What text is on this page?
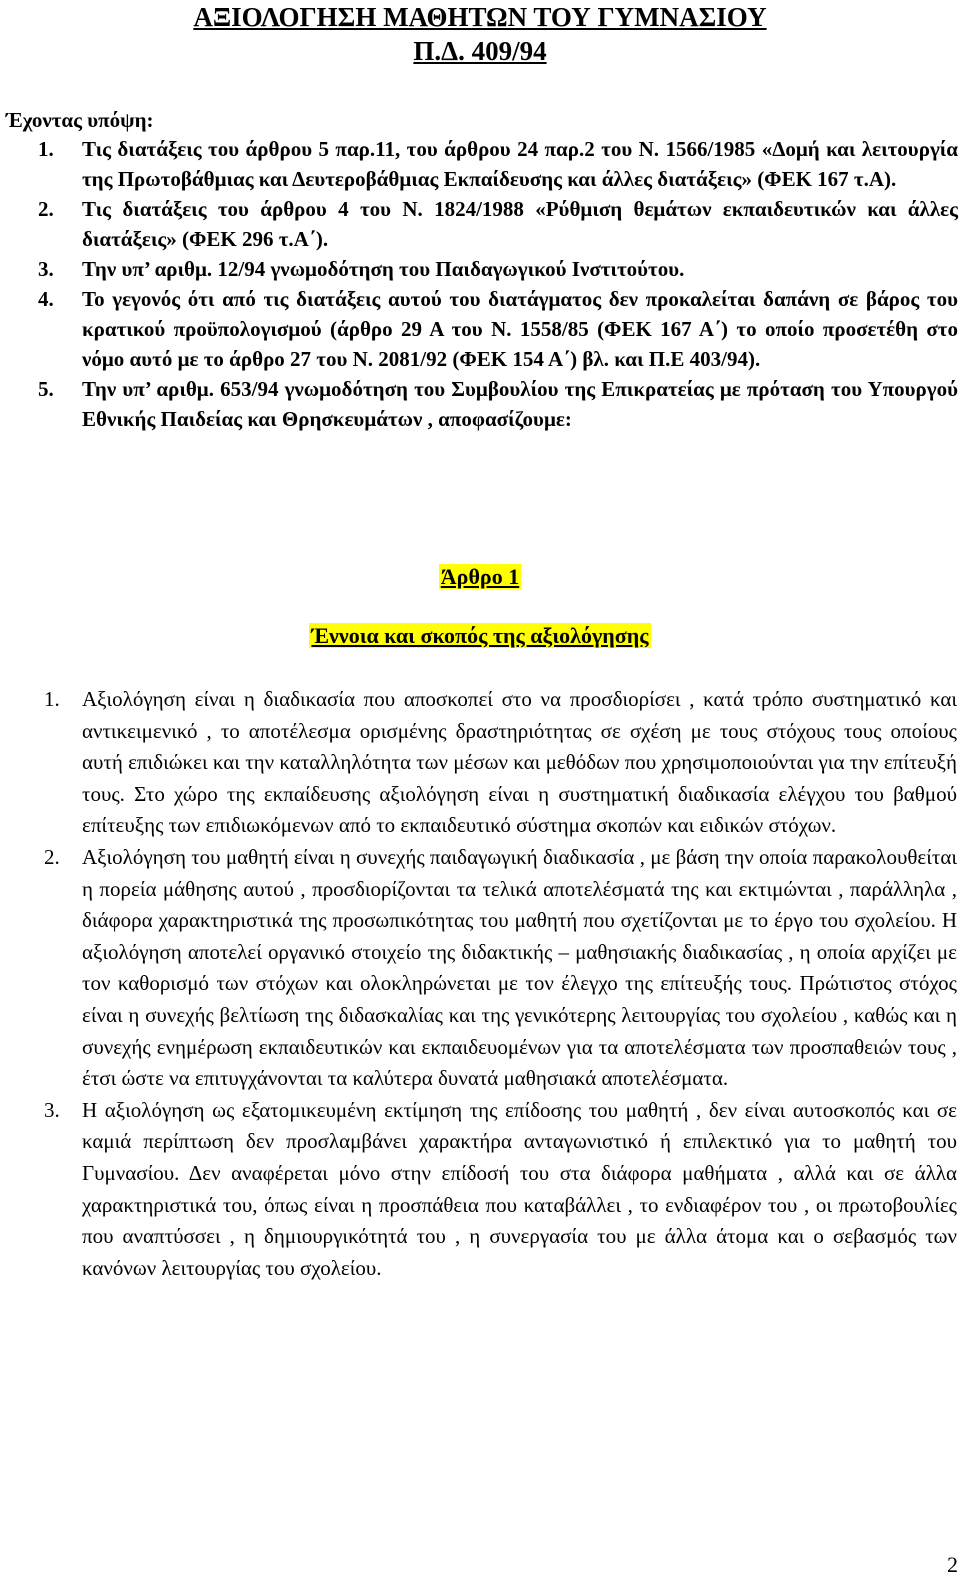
ΑΞΙΟΛΟΓΗΣΗ ΜΑΘΗΤΩΝ ΤΟΥ ΓΥΜΝΑΣΙΟΥ
Π.Δ. 409/94
Έχοντας υπόψη:
1. Τις διατάξεις του άρθρου 5 παρ.11, του άρθρου 24 παρ.2 του Ν. 1566/1985 «Δομή και λειτουργία της Πρωτοβάθμιας και Δευτεροβάθμιας Εκπαίδευσης και άλλες διατάξεις» (ΦΕΚ 167 τ.Α).
2. Τις διατάξεις του άρθρου 4 του Ν. 1824/1988 «Ρύθμιση θεμάτων εκπαιδευτικών και άλλες διατάξεις» (ΦΕΚ 296 τ.Α΄).
3. Την υπ’ αριθμ. 12/94 γνωμοδότηση του Παιδαγωγικού Ινστιτούτου.
4. Το γεγονός ότι από τις διατάξεις αυτού του διατάγματος δεν προκαλείται δαπάνη σε βάρος του κρατικού προϋπολογισμού (άρθρο 29 Α του Ν. 1558/85 (ΦΕΚ 167 Α΄) το οποίο προσετέθη στο νόμο αυτό με το άρθρο 27 του Ν. 2081/92 (ΦΕΚ 154 Α΄) βλ. και Π.Ε 403/94).
5. Την υπ’ αριθμ. 653/94 γνωμοδότηση του Συμβουλίου της Επικρατείας με πρόταση του Υπουργού Εθνικής Παιδείας και Θρησκευμάτων , αποφασίζουμε:
Άρθρο 1
Έννοια και σκοπός της αξιολόγησης
1. Αξιολόγηση είναι η διαδικασία που αποσκοπεί στο να προσδιορίσει , κατά τρόπο συστηματικό και αντικειμενικό , το αποτέλεσμα ορισμένης δραστηριότητας σε σχέση με τους στόχους τους οποίους αυτή επιδιώκει και την καταλληλότητα των μέσων και μεθόδων που χρησιμοποιούνται για την επίτευξή τους. Στο χώρο της εκπαίδευσης αξιολόγηση είναι η συστηματική διαδικασία ελέγχου του βαθμού επίτευξης των επιδιωκόμενων από το εκπαιδευτικό σύστημα σκοπών και ειδικών στόχων.
2. Αξιολόγηση του μαθητή είναι η συνεχής παιδαγωγική διαδικασία , με βάση την οποία παρακολουθείται η πορεία μάθησης αυτού , προσδιορίζονται τα τελικά αποτελέσματά της και εκτιμώνται , παράλληλα , διάφορα χαρακτηριστικά της προσωπικότητας του μαθητή που σχετίζονται με το έργο του σχολείου. Η αξιολόγηση αποτελεί οργανικό στοιχείο της διδακτικής – μαθησιακής διαδικασίας , η οποία αρχίζει με τον καθορισμό των στόχων και ολοκληρώνεται με τον έλεγχο της επίτευξής τους. Πρώτιστος στόχος είναι η συνεχής βελτίωση της διδασκαλίας και της γενικότερης λειτουργίας του σχολείου , καθώς και η συνεχής ενημέρωση εκπαιδευτικών και εκπαιδευομένων για τα αποτελέσματα των προσπαθειών τους , έτσι ώστε να επιτυγχάνονται τα καλύτερα δυνατά μαθησιακά αποτελέσματα.
3. Η αξιολόγηση ως εξατομικευμένη εκτίμηση της επίδοσης του μαθητή , δεν είναι αυτοσκοπός και σε καμιά περίπτωση δεν προσλαμβάνει χαρακτήρα ανταγωνιστικό ή επιλεκτικό για το μαθητή του Γυμνασίου. Δεν αναφέρεται μόνο στην επίδοσή του στα διάφορα μαθήματα , αλλά και σε άλλα χαρακτηριστικά του, όπως είναι η προσπάθεια που καταβάλλει , το ενδιαφέρον του , οι πρωτοβουλίες που αναπτύσσει , η δημιουργικότητά του , η συνεργασία του με άλλα άτομα και ο σεβασμός των κανόνων λειτουργίας του σχολείου.
2
